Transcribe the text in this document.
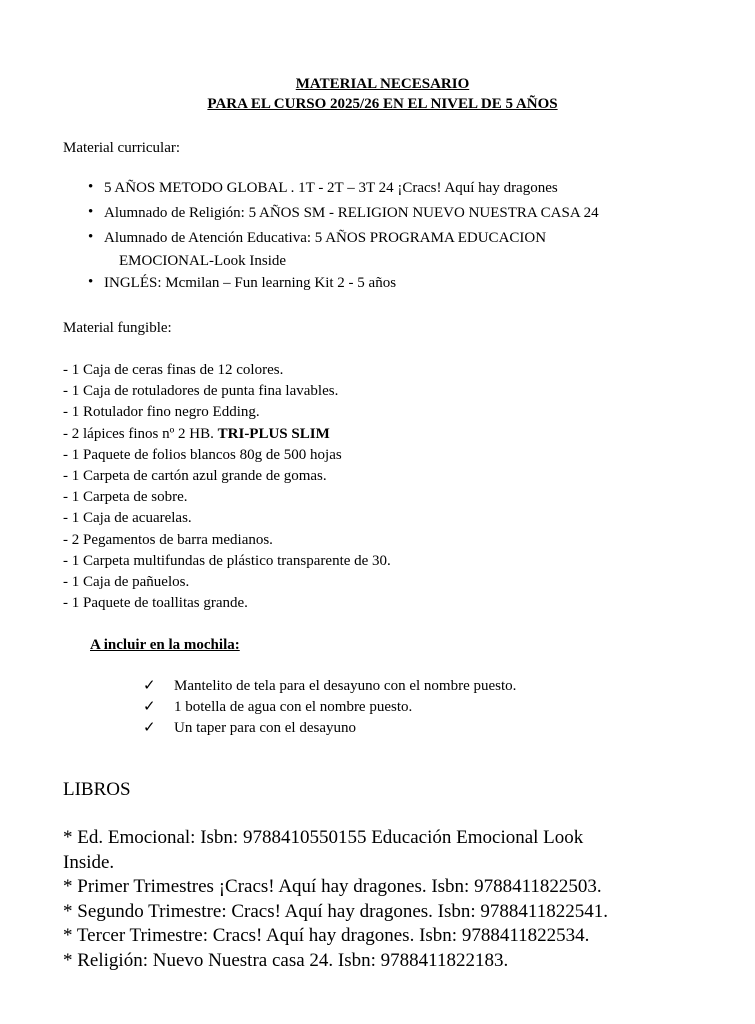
MATERIAL NECESARIO
PARA EL CURSO 2025/26 EN EL NIVEL DE 5 AÑOS
Material curricular:
• 5 AÑOS METODO GLOBAL . 1T - 2T – 3T 24 ¡Cracs! Aquí hay dragones
• Alumnado de Religión: 5 AÑOS SM - RELIGION NUEVO NUESTRA CASA 24
• Alumnado de Atención Educativa: 5 AÑOS PROGRAMA EDUCACION
EMOCIONAL-Look Inside
• INGLÉS: Mcmilan – Fun learning Kit 2 - 5 años
Material fungible:
- 1 Caja de ceras finas de 12 colores.
- 1 Caja de rotuladores de punta fina lavables.
- 1 Rotulador fino negro Edding.
- 2 lápices finos nº 2 HB. TRI-PLUS SLIM
- 1 Paquete de folios blancos 80g de 500 hojas
- 1 Carpeta de cartón azul grande de gomas.
- 1 Carpeta de sobre.
- 1 Caja de acuarelas.
- 2 Pegamentos de barra medianos.
- 1 Carpeta multifundas de plástico transparente de 30.
- 1 Caja de pañuelos.
- 1 Paquete de toallitas grande.
A incluir en la mochila:
✓ Mantelito de tela para el desayuno con el nombre puesto.
✓ 1 botella de agua con el nombre puesto.
✓ Un taper para con el desayuno
LIBROS
* Ed. Emocional: Isbn: 9788410550155 Educación Emocional Look
Inside.
* Primer Trimestres ¡Cracs! Aquí hay dragones. Isbn: 9788411822503.
* Segundo Trimestre: Cracs! Aquí hay dragones. Isbn: 9788411822541.
* Tercer Trimestre: Cracs! Aquí hay dragones. Isbn: 9788411822534.
* Religión: Nuevo Nuestra casa 24. Isbn: 9788411822183.
